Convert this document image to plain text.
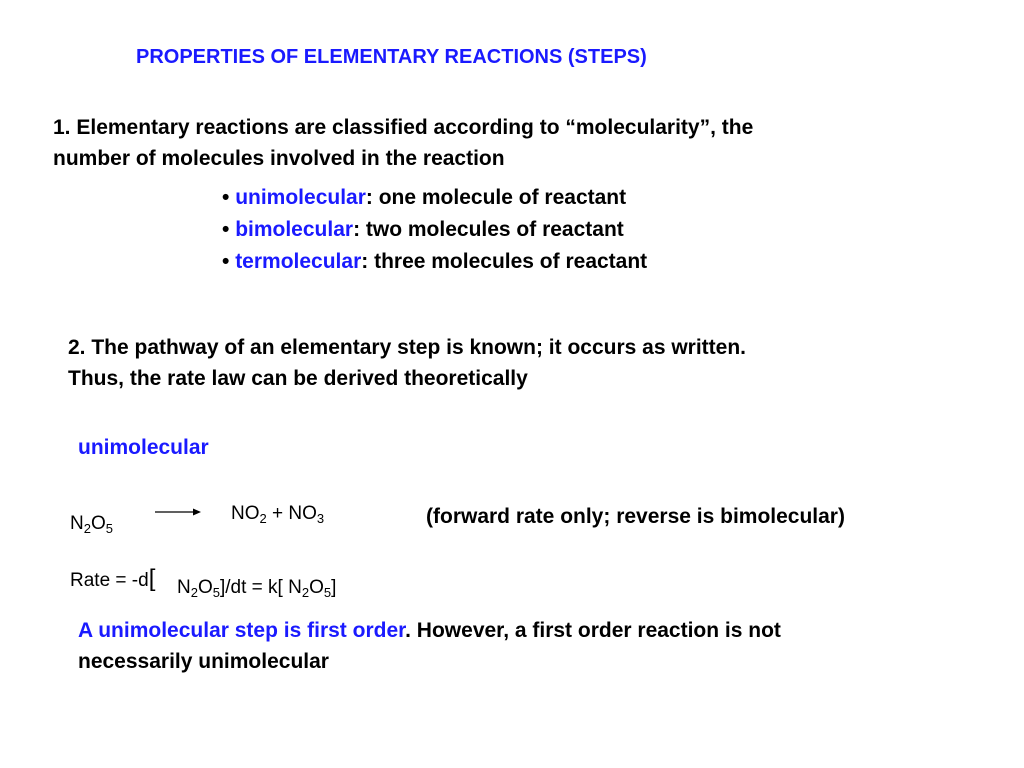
PROPERTIES OF ELEMENTARY REACTIONS (STEPS)
1. Elementary reactions are classified according to “molecularity”, the
number of molecules involved in the reaction
• unimolecular: one molecule of reactant
• bimolecular: two molecules of reactant
• termolecular: three molecules of reactant
2. The pathway of an elementary step is known; it occurs as written.
Thus, the rate law can be derived theoretically
unimolecular
$N_2O_5$
$NO_2 + NO_3$	(forward rate only; reverse is bimolecular)
Rate = -d[ $N_2O_5]/dt = k$[ $N_2O_5$]
A unimolecular step is first order. However, a first order reaction is not
necessarily unimolecular
